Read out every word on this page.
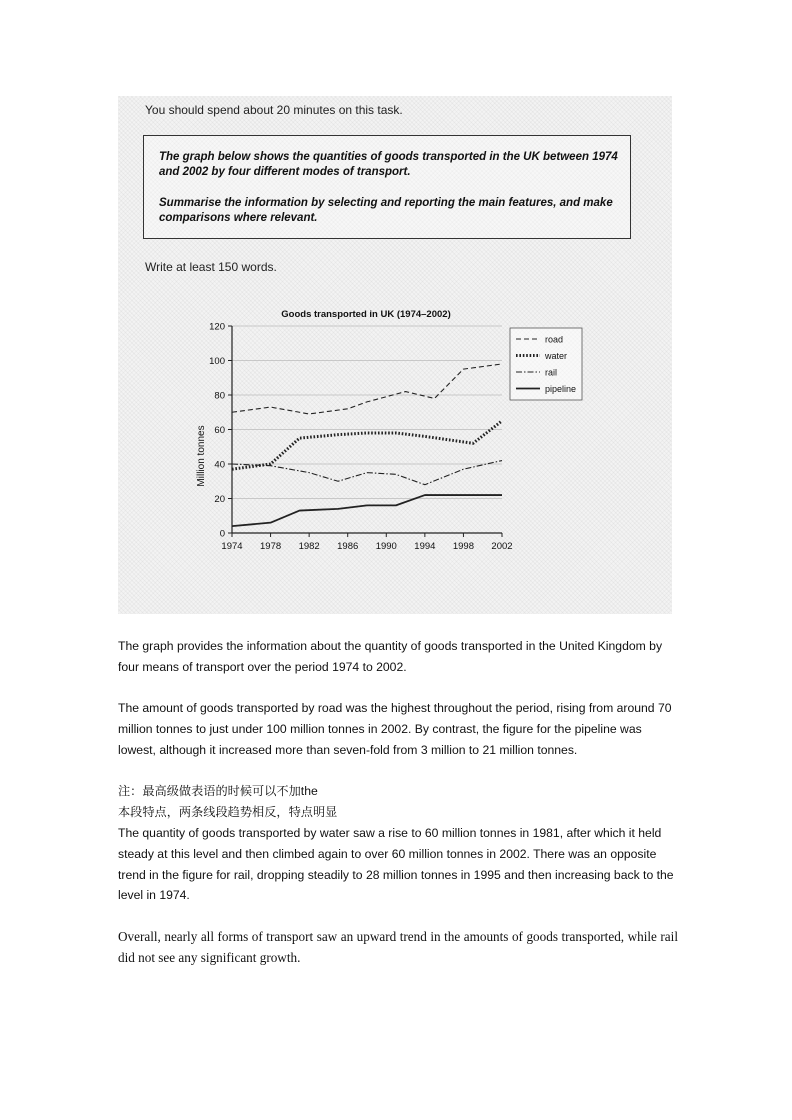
You should spend about 20 minutes on this task.
The graph below shows the quantities of goods transported in the UK between 1974 and 2002 by four different modes of transport.
Summarise the information by selecting and reporting the main features, and make comparisons where relevant.
Write at least 150 words.
Goods transported in UK (1974–2002)
Million tonnes
0
20
40
60
80
100
120
1974 1978 1982 1986 1990 1994 1998 2002
road
water
rail
pipeline
The graph provides the information about the quantity of goods transported in the United Kingdom by four means of transport over the period 1974 to 2002.
The amount of goods transported by road was the highest throughout the period, rising from around 70 million tonnes to just under 100 million tonnes in 2002. By contrast, the figure for the pipeline was lowest, although it increased more than seven-fold from 3 million to 21 million tonnes.
注：最高级做表语的时候可以不加the
本段特点，两条线段趋势相反，特点明显
The quantity of goods transported by water saw a rise to 60 million tonnes in 1981, after which it held steady at this level and then climbed again to over 60 million tonnes in 2002. There was an opposite trend in the figure for rail, dropping steadily to 28 million tonnes in 1995 and then increasing back to the level in 1974.
Overall, nearly all forms of transport saw an upward trend in the amounts of goods transported, while rail did not see any significant growth.
